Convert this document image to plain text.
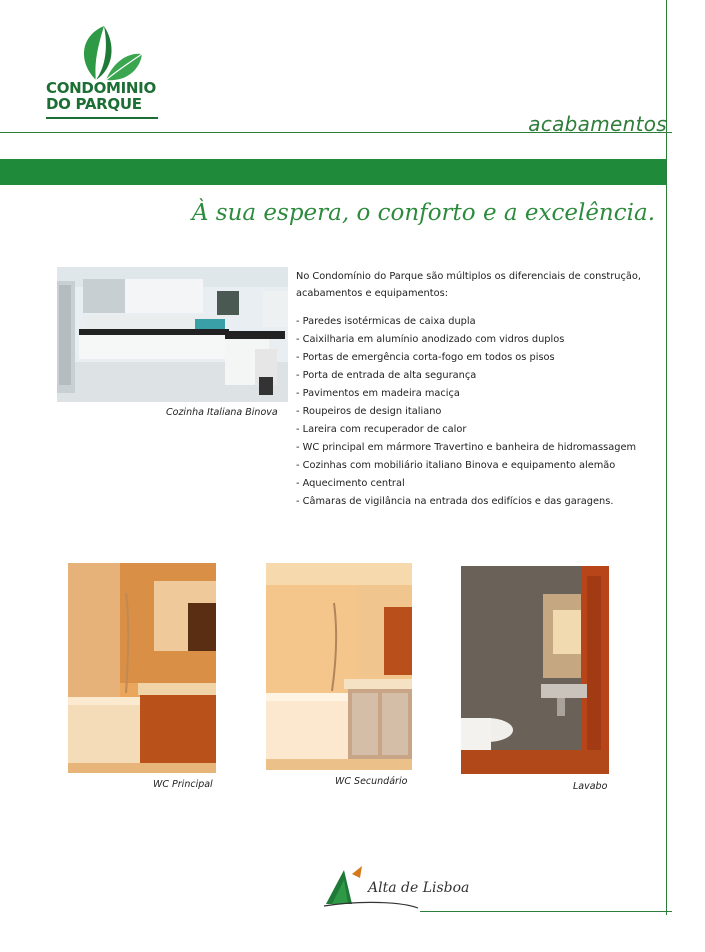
CONDOMINIO
DO PARQUE
acabamentos
À sua espera, o conforto e a excelência.
Cozinha Italiana Binova
No Condomínio do Parque são múltiplos os diferenciais de construção, acabamentos e equipamentos:
- Paredes isotérmicas de caixa dupla
- Caixilharia em alumínio anodizado com vidros duplos
- Portas de emergência corta-fogo em todos os pisos
- Porta de entrada de alta segurança
- Pavimentos em madeira maciça
- Roupeiros de design italiano
- Lareira com recuperador de calor
- WC principal em mármore Travertino e banheira de hidromassagem
- Cozinhas com mobiliário italiano Binova e equipamento alemão
- Aquecimento central
- Câmaras de vigilância na entrada dos edifícios e das garagens.
WC Principal	WC Secundário	Lavabo
Alta de Lisboa
